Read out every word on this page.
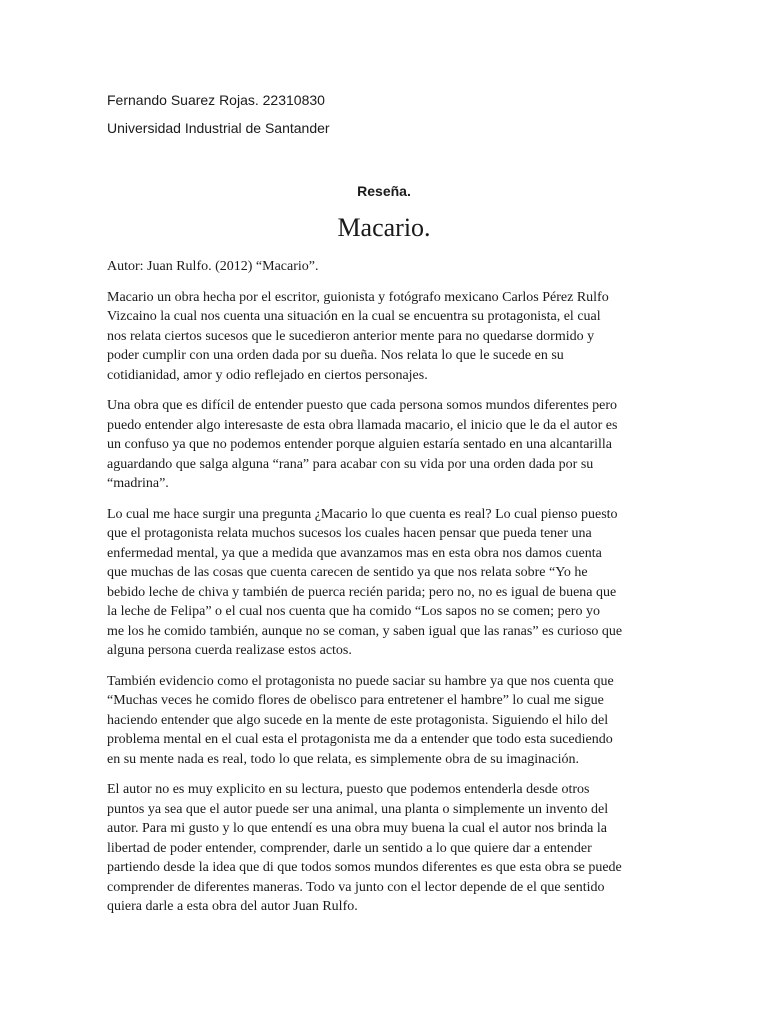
Fernando Suarez Rojas. 22310830
Universidad Industrial de Santander
Reseña.
Macario.

Autor: Juan Rulfo. (2012) “Macario”.

Macario un obra hecha por el escritor, guionista y fotógrafo mexicano Carlos Pérez Rulfo
Vizcaino la cual nos cuenta una situación en la cual se encuentra su protagonista, el cual
nos relata ciertos sucesos que le sucedieron anterior mente para no quedarse dormido y
poder cumplir con una orden dada por su dueña. Nos relata lo que le sucede en su
cotidianidad, amor y odio reflejado en ciertos personajes.

Una obra que es difícil de entender puesto que cada persona somos mundos diferentes pero
puedo entender algo interesaste de esta obra llamada macario, el inicio que le da el autor es
un confuso ya que no podemos entender porque alguien estaría sentado en una alcantarilla
aguardando que salga alguna “rana” para acabar con su vida por una orden dada por su
“madrina”.

Lo cual me hace surgir una pregunta ¿Macario lo que cuenta es real? Lo cual pienso puesto
que el protagonista relata muchos sucesos los cuales hacen pensar que pueda tener una
enfermedad mental, ya que a medida que avanzamos mas en esta obra nos damos cuenta
que muchas de las cosas que cuenta carecen de sentido ya que nos relata sobre “Yo he
bebido leche de chiva y también de puerca recién parida; pero no, no es igual de buena que
la leche de Felipa” o el cual nos cuenta que ha comido “Los sapos no se comen; pero yo
me los he comido también, aunque no se coman, y saben igual que las ranas” es curioso que
alguna persona cuerda realizase estos actos.

También evidencio como el protagonista no puede saciar su hambre ya que nos cuenta que
“Muchas veces he comido flores de obelisco para entretener el hambre” lo cual me sigue
haciendo entender que algo sucede en la mente de este protagonista. Siguiendo el hilo del
problema mental en el cual esta el protagonista me da a entender que todo esta sucediendo
en su mente nada es real, todo lo que relata, es simplemente obra de su imaginación.

El autor no es muy explicito en su lectura, puesto que podemos entenderla desde otros
puntos ya sea que el autor puede ser una animal, una planta o simplemente un invento del
autor. Para mi gusto y lo que entendí es una obra muy buena la cual el autor nos brinda la
libertad de poder entender, comprender, darle un sentido a lo que quiere dar a entender
partiendo desde la idea que di que todos somos mundos diferentes es que esta obra se puede
comprender de diferentes maneras. Todo va junto con el lector depende de el que sentido
quiera darle a esta obra del autor Juan Rulfo.
